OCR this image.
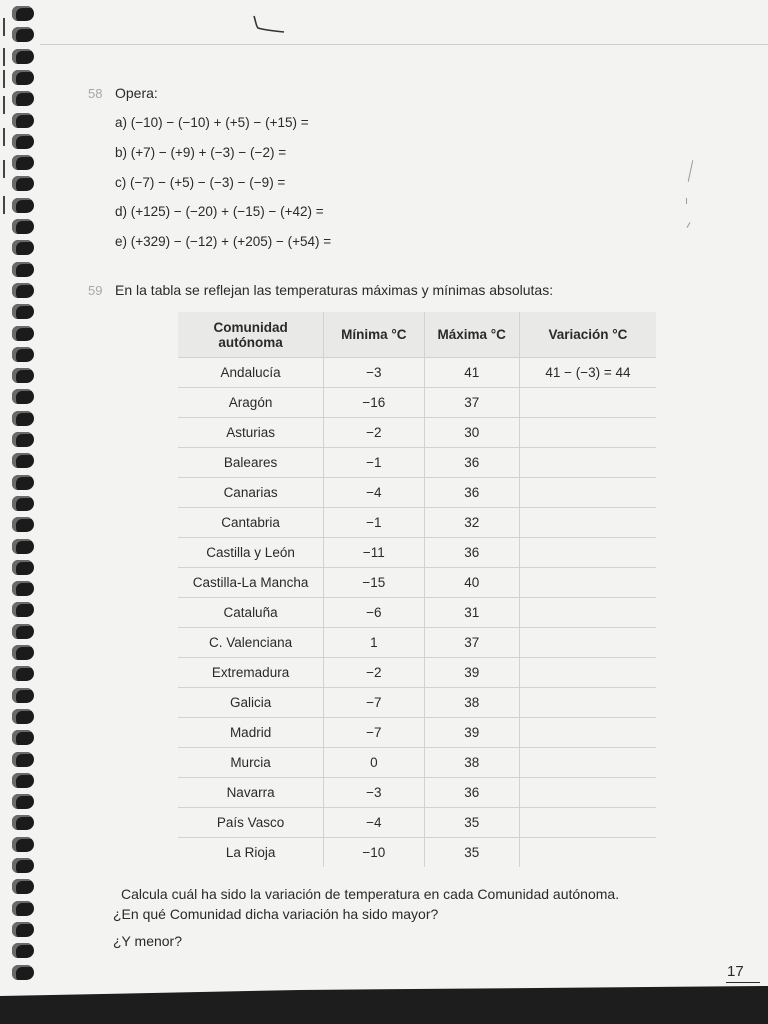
58 Opera:
a) (−10) − (−10) + (+5) − (+15) =
b) (+7) − (+9) + (−3) − (−2) =
c) (−7) − (+5) − (−3) − (−9) =
d) (+125) − (−20) + (−15) − (+42) =
e) (+329) − (−12) + (+205) − (+54) =
59 En la tabla se reflejan las temperaturas máximas y mínimas absolutas:
Comunidad
autónoma	Mínima °C	Máxima °C	Variación °C
Andalucía	−3	41	41 − (−3) = 44
Aragón	−16	37	
Asturias	−2	30	
Baleares	−1	36	
Canarias	−4	36	
Cantabria	−1	32	
Castilla y León	−11	36	
Castilla-La Mancha	−15	40	
Cataluña	−6	31	
C. Valenciana	1	37	
Extremadura	−2	39	
Galicia	−7	38	
Madrid	−7	39	
Murcia	0	38	
Navarra	−3	36	
País Vasco	−4	35	
La Rioja	−10	35	
Calcula cuál ha sido la variación de temperatura en cada Comunidad autónoma.
¿En qué Comunidad dicha variación ha sido mayor?
¿Y menor?
17
